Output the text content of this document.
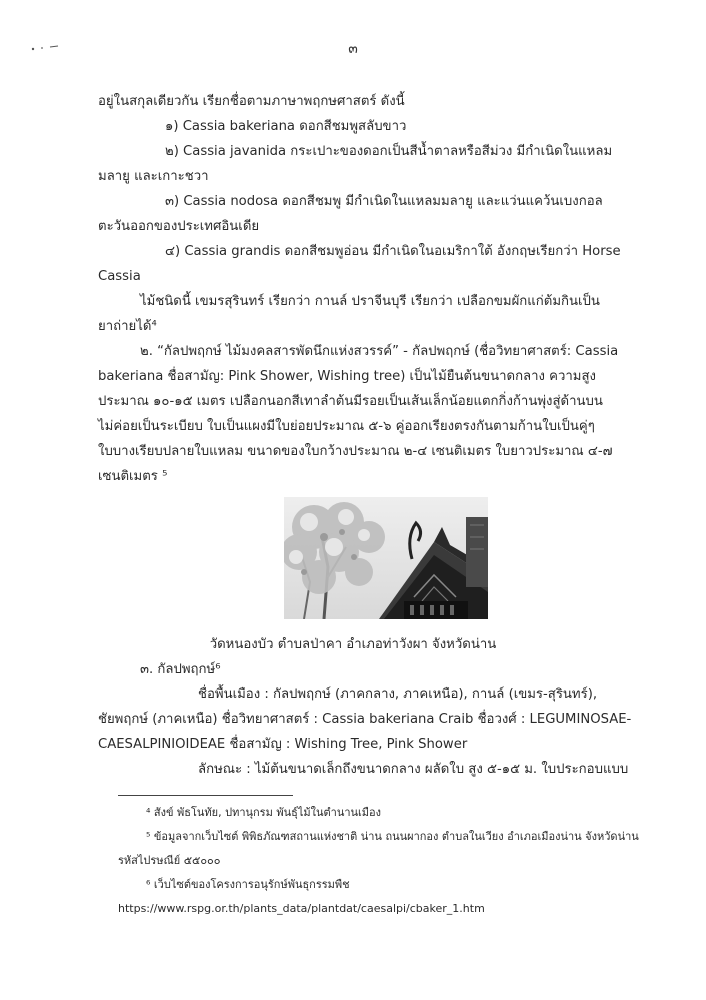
๓
อยู่ในสกุลเดียวกัน เรียกชื่อตามภาษาพฤกษศาสตร์ ดังนี้
๑) Cassia bakeriana ดอกสีชมพูสลับขาว
๒) Cassia javanida กระเปาะของดอกเป็นสีน้ำตาลหรือสีม่วง มีกำเนิดในแหลม
มลายู และเกาะชวา
๓) Cassia nodosa ดอกสีชมพู มีกำเนิดในแหลมมลายู และแว่นแคว้นเบงกอล
ตะวันออกของประเทศอินเดีย
๔) Cassia grandis ดอกสีชมพูอ่อน มีกำเนิดในอเมริกาใต้ อังกฤษเรียกว่า Horse
Cassia
ไม้ชนิดนี้ เขมรสุรินทร์ เรียกว่า กานล์ ปราจีนบุรี เรียกว่า เปลือกขมผักแก่ต้มกินเป็น
ยาถ่ายได้⁴
๒. “กัลปพฤกษ์ ไม้มงคลสารพัดนึกแห่งสวรรค์” - กัลปพฤกษ์ (ชื่อวิทยาศาสตร์: Cassia
bakeriana ชื่อสามัญ: Pink Shower, Wishing tree) เป็นไม้ยืนต้นขนาดกลาง ความสูง
ประมาณ ๑๐-๑๕ เมตร เปลือกนอกสีเทาลำต้นมีรอยเป็นเส้นเล็กน้อยแตกกิ่งก้านพุ่งสู่ด้านบน
ไม่ค่อยเป็นระเบียบ ใบเป็นแผงมีใบย่อยประมาณ ๕-๖ คู่ออกเรียงตรงกันตามก้านใบเป็นคู่ๆ
ใบบางเรียบปลายใบแหลม ขนาดของใบกว้างประมาณ ๒-๔ เซนติเมตร ใบยาวประมาณ ๔-๗
เซนติเมตร ⁵
วัดหนองบัว ตำบลป่าคา อำเภอท่าวังผา จังหวัดน่าน
๓. กัลปพฤกษ์⁶
ชื่อพื้นเมือง : กัลปพฤกษ์ (ภาคกลาง, ภาคเหนือ), กานล์ (เขมร-สุรินทร์),
ชัยพฤกษ์ (ภาคเหนือ) ชื่อวิทยาศาสตร์ : Cassia bakeriana Craib ชื่อวงศ์ : LEGUMINOSAE-
CAESALPINIOIDEAE ชื่อสามัญ : Wishing Tree, Pink Shower
ลักษณะ : ไม้ต้นขนาดเล็กถึงขนาดกลาง ผลัดใบ สูง ๕-๑๕ ม. ใบประกอบแบบ
⁴ สังข์ พัธโนทัย, ปทานุกรม พันธุ์ไม้ในตำนานเมือง
⁵ ข้อมูลจากเว็บไซต์ พิพิธภัณฑสถานแห่งชาติ น่าน ถนนผากอง ตำบลในเวียง อำเภอเมืองน่าน จังหวัดน่าน
รหัสไปรษณีย์ ๕๕๐๐๐
⁶ เว็บไซต์ของโครงการอนุรักษ์พันธุกรรมพืช
https://www.rspg.or.th/plants_data/plantdat/caesalpi/cbaker_1.htm
